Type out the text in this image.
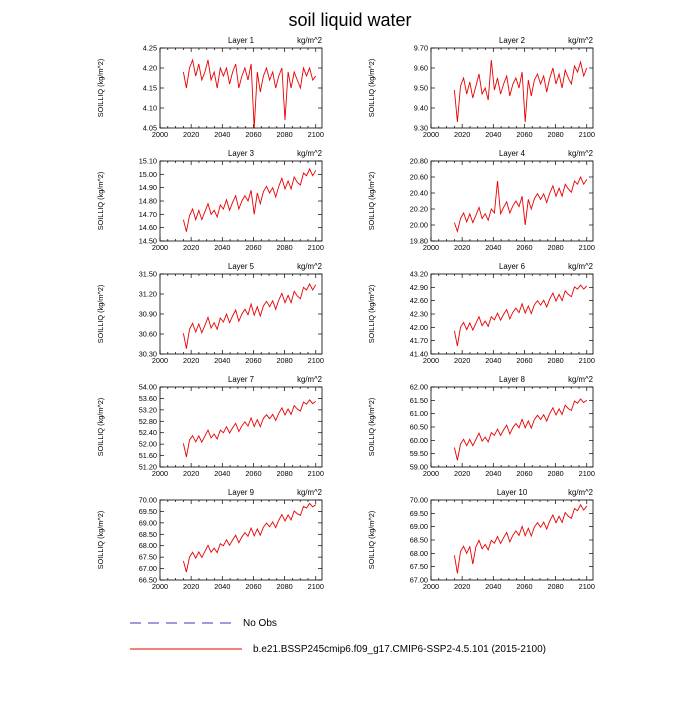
soil liquid water
2000 2020 2040 2060 2080 2100
4.05
4.10
4.15
4.20
4.25
Layer 1	kg/m^2
SOILLIQ (kg/m^2)
2000 2020 2040 2060 2080 2100
9.30
9.40
9.50
9.60
9.70
Layer 2	kg/m^2
SOILLIQ (kg/m^2)
2000 2020 2040 2060 2080 2100
14.50
14.60
14.70
14.80
14.90
15.00
15.10
Layer 3	kg/m^2
SOILLIQ (kg/m^2)
2000 2020 2040 2060 2080 2100
19.80
20.00
20.20
20.40
20.60
20.80
Layer 4	kg/m^2
SOILLIQ (kg/m^2)
2000 2020 2040 2060 2080 2100
30.30
30.60
30.90
31.20
31.50
Layer 5	kg/m^2
SOILLIQ (kg/m^2)
2000 2020 2040 2060 2080 2100
41.40
41.70
42.00
42.30
42.60
42.90
43.20
Layer 6	kg/m^2
SOILLIQ (kg/m^2)
2000 2020 2040 2060 2080 2100
51.20
51.60
52.00
52.40
52.80
53.20
53.60
54.00
Layer 7	kg/m^2
SOILLIQ (kg/m^2)
2000 2020 2040 2060 2080 2100
59.00
59.50
60.00
60.50
61.00
61.50
62.00
Layer 8	kg/m^2
SOILLIQ (kg/m^2)
2000 2020 2040 2060 2080 2100
66.50
67.00
67.50
68.00
68.50
69.00
69.50
70.00
Layer 9	kg/m^2
SOILLIQ (kg/m^2)
2000 2020 2040 2060 2080 2100
67.00
67.50
68.00
68.50
69.00
69.50
70.00
Layer 10	kg/m^2
SOILLIQ (kg/m^2)
No Obs
b.e21.BSSP245cmip6.f09_g17.CMIP6-SSP2-4.5.101 (2015-2100)
